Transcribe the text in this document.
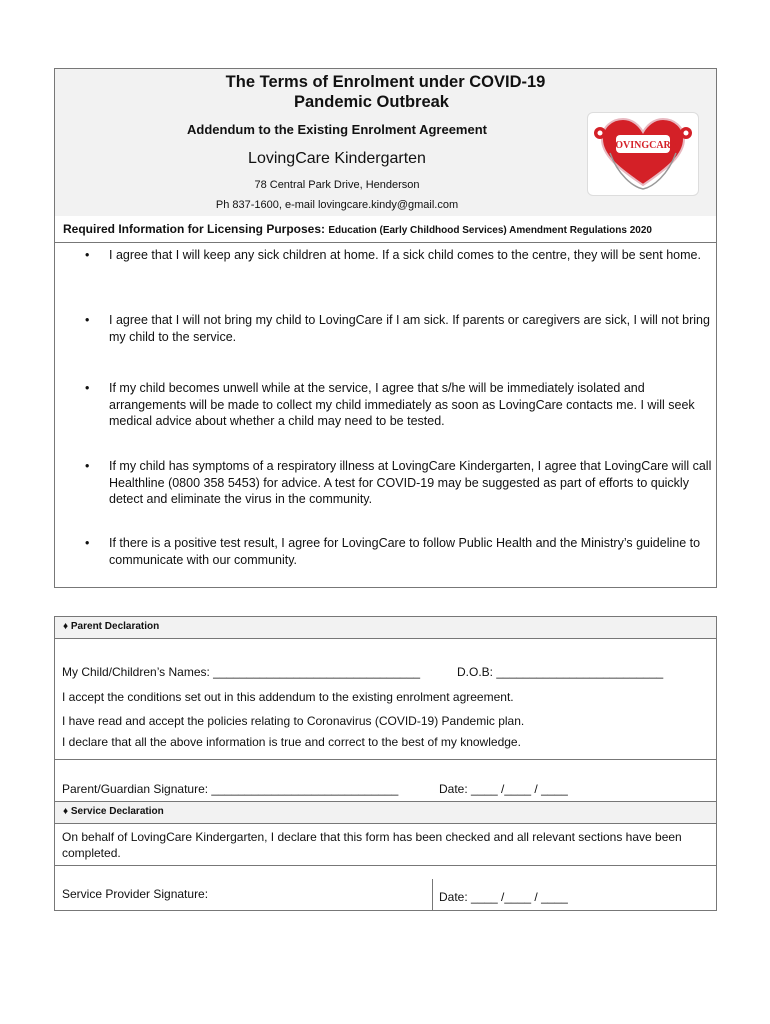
The Terms of Enrolment under COVID-19
Pandemic Outbreak
Addendum to the Existing Enrolment Agreement
LovingCare Kindergarten
78 Central Park Drive, Henderson
Ph 837-1600, e-mail lovingcare.kindy@gmail.com
LOVINGCARE
Required Information for Licensing Purposes: Education (Early Childhood Services) Amendment Regulations 2020
•	I agree that I will keep any sick children at home. If a sick child comes to the centre, they will be sent home.
•	I agree that I will not bring my child to LovingCare if I am sick. If parents or caregivers are sick, I will not bring my child to the service.
•	If my child becomes unwell while at the service, I agree that s/he will be immediately isolated and arrangements will be made to collect my child immediately as soon as LovingCare contacts me. I will seek medical advice about whether a child may need to be tested.
•	If my child has symptoms of a respiratory illness at LovingCare Kindergarten, I agree that LovingCare will call Healthline (0800 358 5453) for advice. A test for COVID-19 may be suggested as part of efforts to quickly detect and eliminate the virus in the community.
•	If there is a positive test result, I agree for LovingCare to follow Public Health and the Ministry’s guideline to communicate with our community.
♦ Parent Declaration
My Child/Children’s Names: _______________________________	D.O.B: _________________________
I accept the conditions set out in this addendum to the existing enrolment agreement.
I have read and accept the policies relating to Coronavirus (COVID-19) Pandemic plan.
I declare that all the above information is true and correct to the best of my knowledge.
Parent/Guardian Signature: ____________________________	Date: ____ /____ / ____
♦ Service Declaration
On behalf of LovingCare Kindergarten, I declare that this form has been checked and all relevant sections have been completed.
Service Provider Signature:	Date: ____ /____ / ____
